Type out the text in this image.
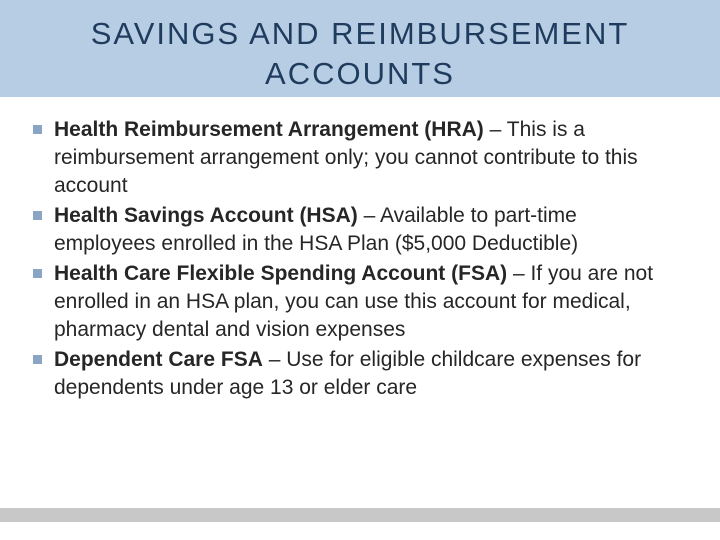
SAVINGS AND REIMBURSEMENT
ACCOUNTS
Health Reimbursement Arrangement (HRA) – This is a reimbursement arrangement only; you cannot contribute to this account
Health Savings Account (HSA) – Available to part-time employees enrolled in the HSA Plan ($5,000 Deductible)
Health Care Flexible Spending Account (FSA) – If you are not enrolled in an HSA plan, you can use this account for medical, pharmacy dental and vision expenses
Dependent Care FSA – Use for eligible childcare expenses for dependents under age 13 or elder care
